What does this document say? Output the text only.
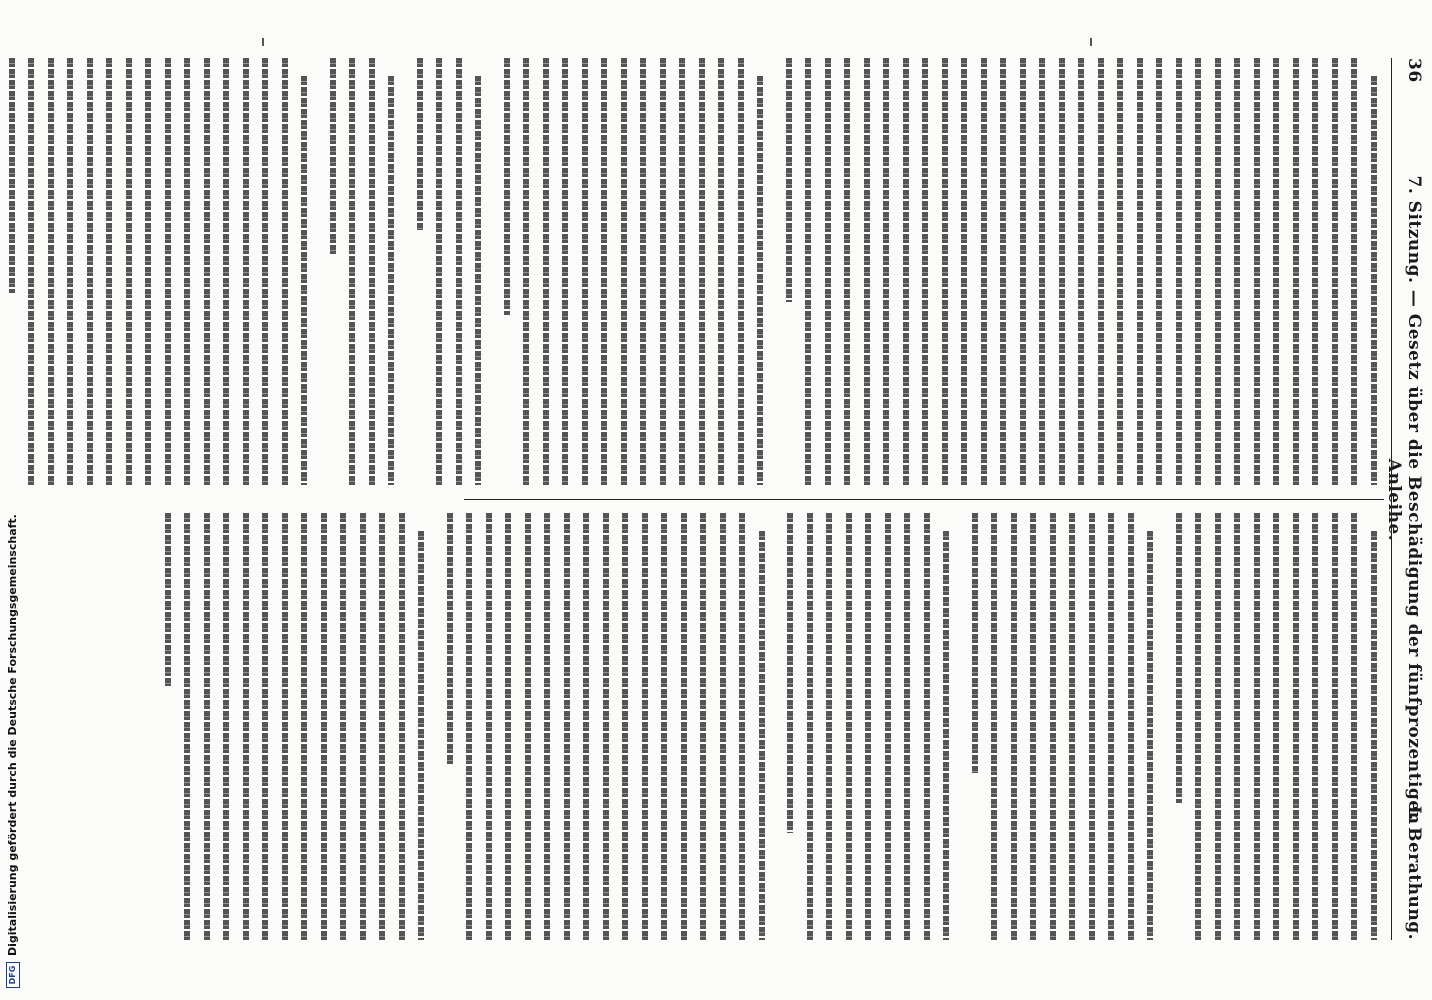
36
7. Sitzung. — Gesetz über die Beschädigung der fünfprozentigen Anleihe.
I. Berathung.
DFGDigitalisierung gefördert durch die Deutsche Forschungsgemeinschaft.
